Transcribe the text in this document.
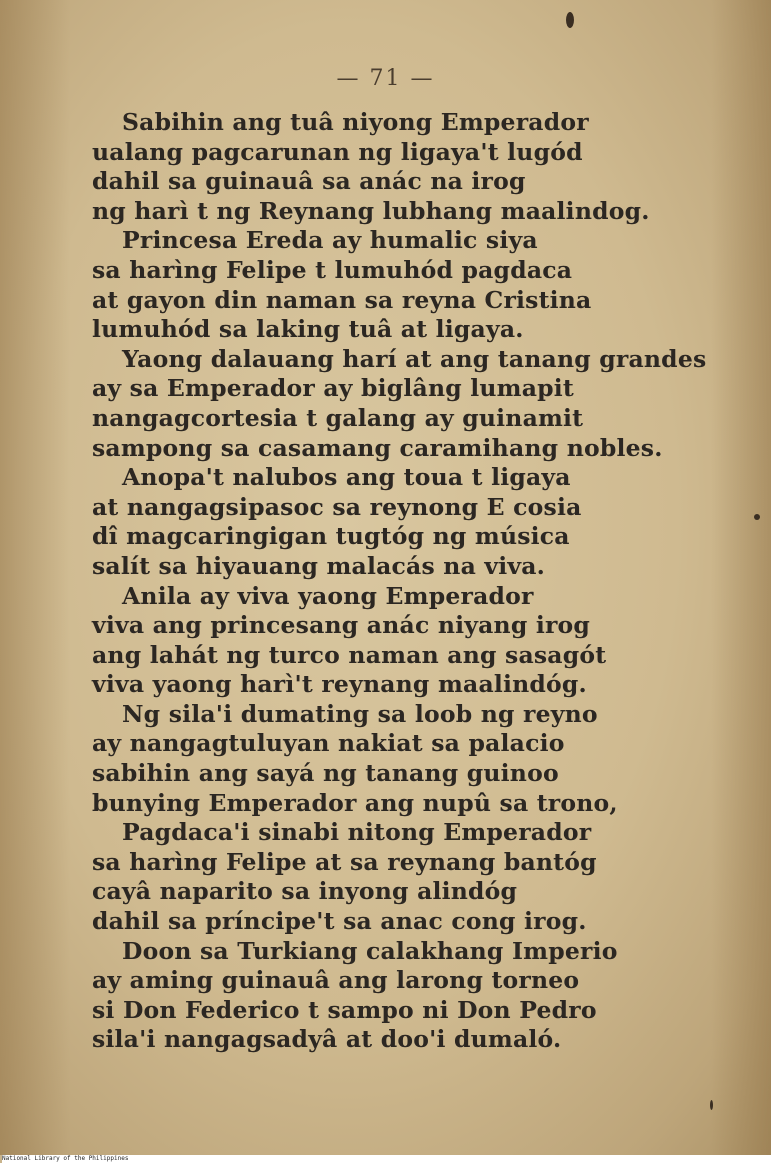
— 71 —
Sabihin ang tuâ niyong Emperador
ualang pagcarunan ng ligaya't lugód
dahil sa guinauâ sa anác na irog
ng harì t ng Reynang lubhang maalindog.
Princesa Ereda ay humalic siya
sa harìng Felipe t lumuhód pagdaca
at gayon din naman sa reyna Cristina
lumuhód sa laking tuâ at ligaya.
Yaong dalauang harí at ang tanang grandes
ay sa Emperador ay biglâng lumapit
nangagcortesia t galang ay guinamit
sampong sa casamang caramihang nobles.
Anopa't nalubos ang toua t ligaya
at nangagsipasoc sa reynong E cosia
dî magcaringigan tugtóg ng música
salít sa hiyauang malacás na viva.
Anila ay viva yaong Emperador
viva ang princesang anác niyang irog
ang lahát ng turco naman ang sasagót
viva yaong harì't reynang maalindóg.
Ng sila'i dumating sa loob ng reyno
ay nangagtuluyan nakiat sa palacio
sabihin ang sayá ng tanang guinoo
bunying Emperador ang nupû sa trono,
Pagdaca'i sinabi nitong Emperador
sa harìng Felipe at sa reynang bantóg
cayâ naparito sa inyong alindóg
dahil sa príncipe't sa anac cong irog.
Doon sa Turkiang calakhang Imperio
ay aming guinauâ ang larong torneo
si Don Federico t sampo ni Don Pedro
sila'i nangagsadyâ at doo'i dumaló.
National Library of the Philippines
